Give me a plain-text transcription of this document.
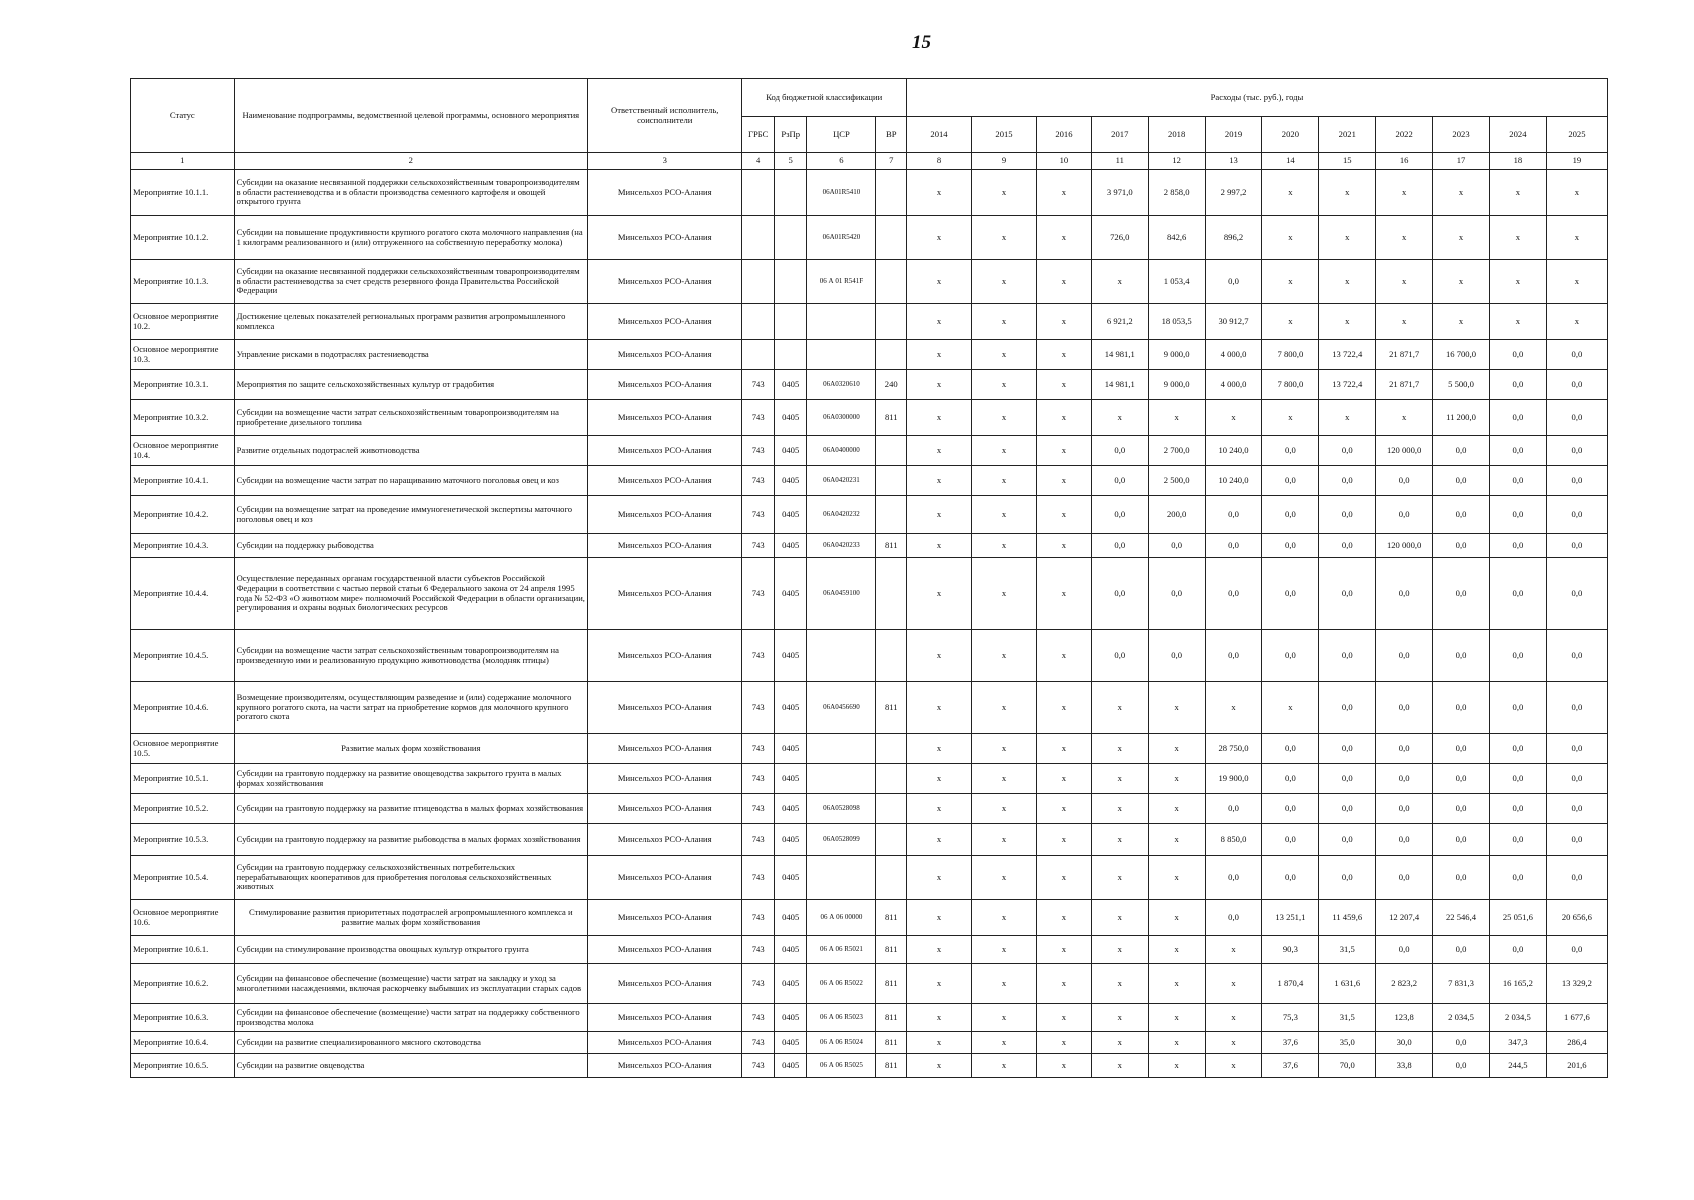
15
Статус	Наименование подпрограммы, ведомственной целевой программы, основного мероприятия	Ответственный исполнитель, соисполнители	Код бюджетной классификации				Расходы (тыс. руб.), годы											
			ГРБС	РзПр	ЦСР	ВР	2014	2015	2016	2017	2018	2019	2020	2021	2022	2023	2024	2025
1	2	3	4	5	6	7	8	9	10	11	12	13	14	15	16	17	18	19
Мероприятие 10.1.1.	Субсидии на оказание несвязанной поддержки сельскохозяйственным товаропроизводителям в области растениеводства и в области производства семенного картофеля и овощей открытого грунта	Минсельхоз РСО-Алания			06А01R5410		x	x	x	3 971,0	2 858,0	2 997,2	x	x	x	x	x	x
Мероприятие 10.1.2.	Субсидии на повышение продуктивности крупного рогатого скота молочного направления (на 1 килограмм реализованного и (или) отгруженного на собственную переработку молока)	Минсельхоз РСО-Алания			06А01R5420		x	x	x	726,0	842,6	896,2	x	x	x	x	x	x
Мероприятие 10.1.3.	Субсидии на оказание несвязанной поддержки сельскохозяйственным товаропроизводителям в области растениеводства за счет средств резервного фонда Правительства Российской Федерации	Минсельхоз РСО-Алания			06 А 01 R541F		x	x	x	x	1 053,4	0,0	x	x	x	x	x	x
Основное мероприятие 10.2.	Достижение целевых показателей региональных программ развития агропромышленного комплекса	Минсельхоз РСО-Алания					x	x	x	6 921,2	18 053,5	30 912,7	x	x	x	x	x	x
Основное мероприятие 10.3.	Управление рисками в подотраслях растениеводства	Минсельхоз РСО-Алания					x	x	x	14 981,1	9 000,0	4 000,0	7 800,0	13 722,4	21 871,7	16 700,0	0,0	0,0
Мероприятие 10.3.1.	Мероприятия по защите сельскохозяйственных культур от градобития	Минсельхоз РСО-Алания	743	0405	06А0320610	240	x	x	x	14 981,1	9 000,0	4 000,0	7 800,0	13 722,4	21 871,7	5 500,0	0,0	0,0
Мероприятие 10.3.2.	Субсидии на возмещение части затрат сельскохозяйственным товаропроизводителям на приобретение дизельного топлива	Минсельхоз РСО-Алания	743	0405	06А0300000	811	x	x	x	x	x	x	x	x	x	11 200,0	0,0	0,0
Основное мероприятие 10.4.	Развитие отдельных подотраслей животноводства	Минсельхоз РСО-Алания	743	0405	06А0400000		x	x	x	0,0	2 700,0	10 240,0	0,0	0,0	120 000,0	0,0	0,0	0,0
Мероприятие 10.4.1.	Субсидии на возмещение части затрат по наращиванию маточного поголовья овец и коз	Минсельхоз РСО-Алания	743	0405	06А0420231		x	x	x	0,0	2 500,0	10 240,0	0,0	0,0	0,0	0,0	0,0	0,0
Мероприятие 10.4.2.	Субсидии на возмещение затрат на проведение иммуногенетической экспертизы маточного поголовья овец и коз	Минсельхоз РСО-Алания	743	0405	06А0420232		x	x	x	0,0	200,0	0,0	0,0	0,0	0,0	0,0	0,0	0,0
Мероприятие 10.4.3.	Субсидии на поддержку рыбоводства	Минсельхоз РСО-Алания	743	0405	06А0420233	811	x	x	x	0,0	0,0	0,0	0,0	0,0	120 000,0	0,0	0,0	0,0
Мероприятие 10.4.4.	Осуществление переданных органам государственной власти субъектов Российской Федерации в соответствии с частью первой статьи 6 Федерального закона от 24 апреля 1995 года № 52-ФЗ «О животном мире» полномочий Российской Федерации в области организации, регулирования и охраны водных биологических ресурсов	Минсельхоз РСО-Алания	743	0405	06А0459100		x	x	x	0,0	0,0	0,0	0,0	0,0	0,0	0,0	0,0	0,0
Мероприятие 10.4.5.	Субсидии на возмещение части затрат сельскохозяйственным товаропроизводителям на произведенную ими и реализованную продукцию животноводства (молодняк птицы)	Минсельхоз РСО-Алания	743	0405			x	x	x	0,0	0,0	0,0	0,0	0,0	0,0	0,0	0,0	0,0
Мероприятие 10.4.6.	Возмещение производителям, осуществляющим разведение и (или) содержание молочного крупного рогатого скота, на части затрат на приобретение кормов для молочного крупного рогатого скота	Минсельхоз РСО-Алания	743	0405	06А0456690	811	x	x	x	x	x	x	x	0,0	0,0	0,0	0,0	0,0
Основное мероприятие 10.5.	Развитие малых форм хозяйствования	Минсельхоз РСО-Алания	743	0405			x	x	x	x	x	28 750,0	0,0	0,0	0,0	0,0	0,0	0,0
Мероприятие 10.5.1.	Субсидии на грантовую поддержку на развитие овощеводства закрытого грунта в малых формах хозяйствования	Минсельхоз РСО-Алания	743	0405			x	x	x	x	x	19 900,0	0,0	0,0	0,0	0,0	0,0	0,0
Мероприятие 10.5.2.	Субсидии на грантовую поддержку на развитие птицеводства в малых формах хозяйствования	Минсельхоз РСО-Алания	743	0405	06А0528098		x	x	x	x	x	0,0	0,0	0,0	0,0	0,0	0,0	0,0
Мероприятие 10.5.3.	Субсидии на грантовую поддержку на развитие рыбоводства в малых формах хозяйствования	Минсельхоз РСО-Алания	743	0405	06А0528099		x	x	x	x	x	8 850,0	0,0	0,0	0,0	0,0	0,0	0,0
Мероприятие 10.5.4.	Субсидии на грантовую поддержку сельскохозяйственных потребительских перерабатывающих кооперативов для приобретения поголовья сельскохозяйственных животных	Минсельхоз РСО-Алания	743	0405			x	x	x	x	x	0,0	0,0	0,0	0,0	0,0	0,0	0,0
Основное мероприятие 10.6.	Стимулирование развития приоритетных подотраслей агропромышленного комплекса и развитие малых форм хозяйствования	Минсельхоз РСО-Алания	743	0405	06 А 06 00000	811	x	x	x	x	x	0,0	13 251,1	11 459,6	12 207,4	22 546,4	25 051,6	20 656,6
Мероприятие 10.6.1.	Субсидии на стимулирование производства овощных культур открытого грунта	Минсельхоз РСО-Алания	743	0405	06 А 06 R5021	811	x	x	x	x	x	x	90,3	31,5	0,0	0,0	0,0	0,0
Мероприятие 10.6.2.	Субсидии на финансовое обеспечение (возмещение) части затрат на закладку и уход за многолетними насаждениями, включая раскорчевку выбывших из эксплуатации старых садов	Минсельхоз РСО-Алания	743	0405	06 А 06 R5022	811	x	x	x	x	x	x	1 870,4	1 631,6	2 823,2	7 831,3	16 165,2	13 329,2
Мероприятие 10.6.3.	Субсидии на финансовое обеспечение (возмещение) части затрат на поддержку собственного производства молока	Минсельхоз РСО-Алания	743	0405	06 А 06 R5023	811	x	x	x	x	x	x	75,3	31,5	123,8	2 034,5	2 034,5	1 677,6
Мероприятие 10.6.4.	Субсидии на развитие специализированного мясного скотоводства	Минсельхоз РСО-Алания	743	0405	06 А 06 R5024	811	x	x	x	x	x	x	37,6	35,0	30,0	0,0	347,3	286,4
Мероприятие 10.6.5.	Субсидии на развитие овцеводства	Минсельхоз РСО-Алания	743	0405	06 А 06 R5025	811	x	x	x	x	x	x	37,6	70,0	33,8	0,0	244,5	201,6
